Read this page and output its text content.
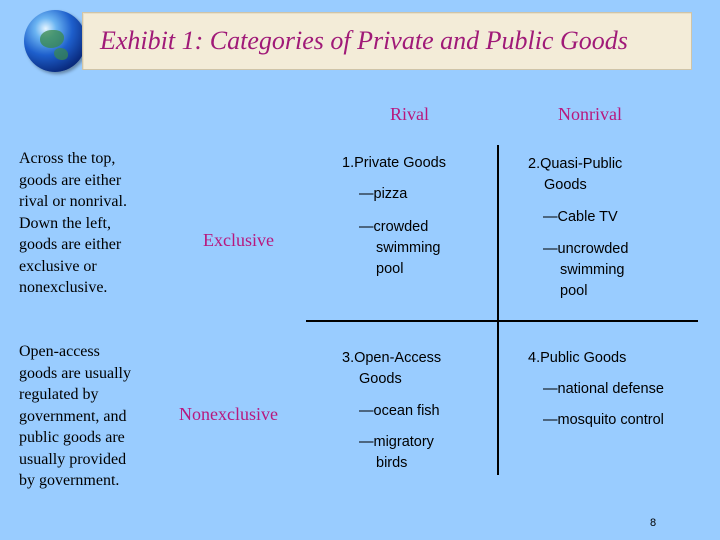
Exhibit 1: Categories of Private and Public Goods
Rival	Nonrival
Across the top,
goods are either
rival or nonrival.
Down the left,
goods are either
exclusive or
nonexclusive.
Open-access
goods are usually
regulated by
government, and
public goods are
usually provided
by government.
Exclusive
Nonexclusive
1.Private Goods
—pizza
—crowded
swimming
pool
2.Quasi-Public
Goods
—Cable TV
—uncrowded
swimming
pool
3.Open-Access
Goods
—ocean fish
—migratory
birds
4.Public Goods
—national defense
—mosquito control
8
